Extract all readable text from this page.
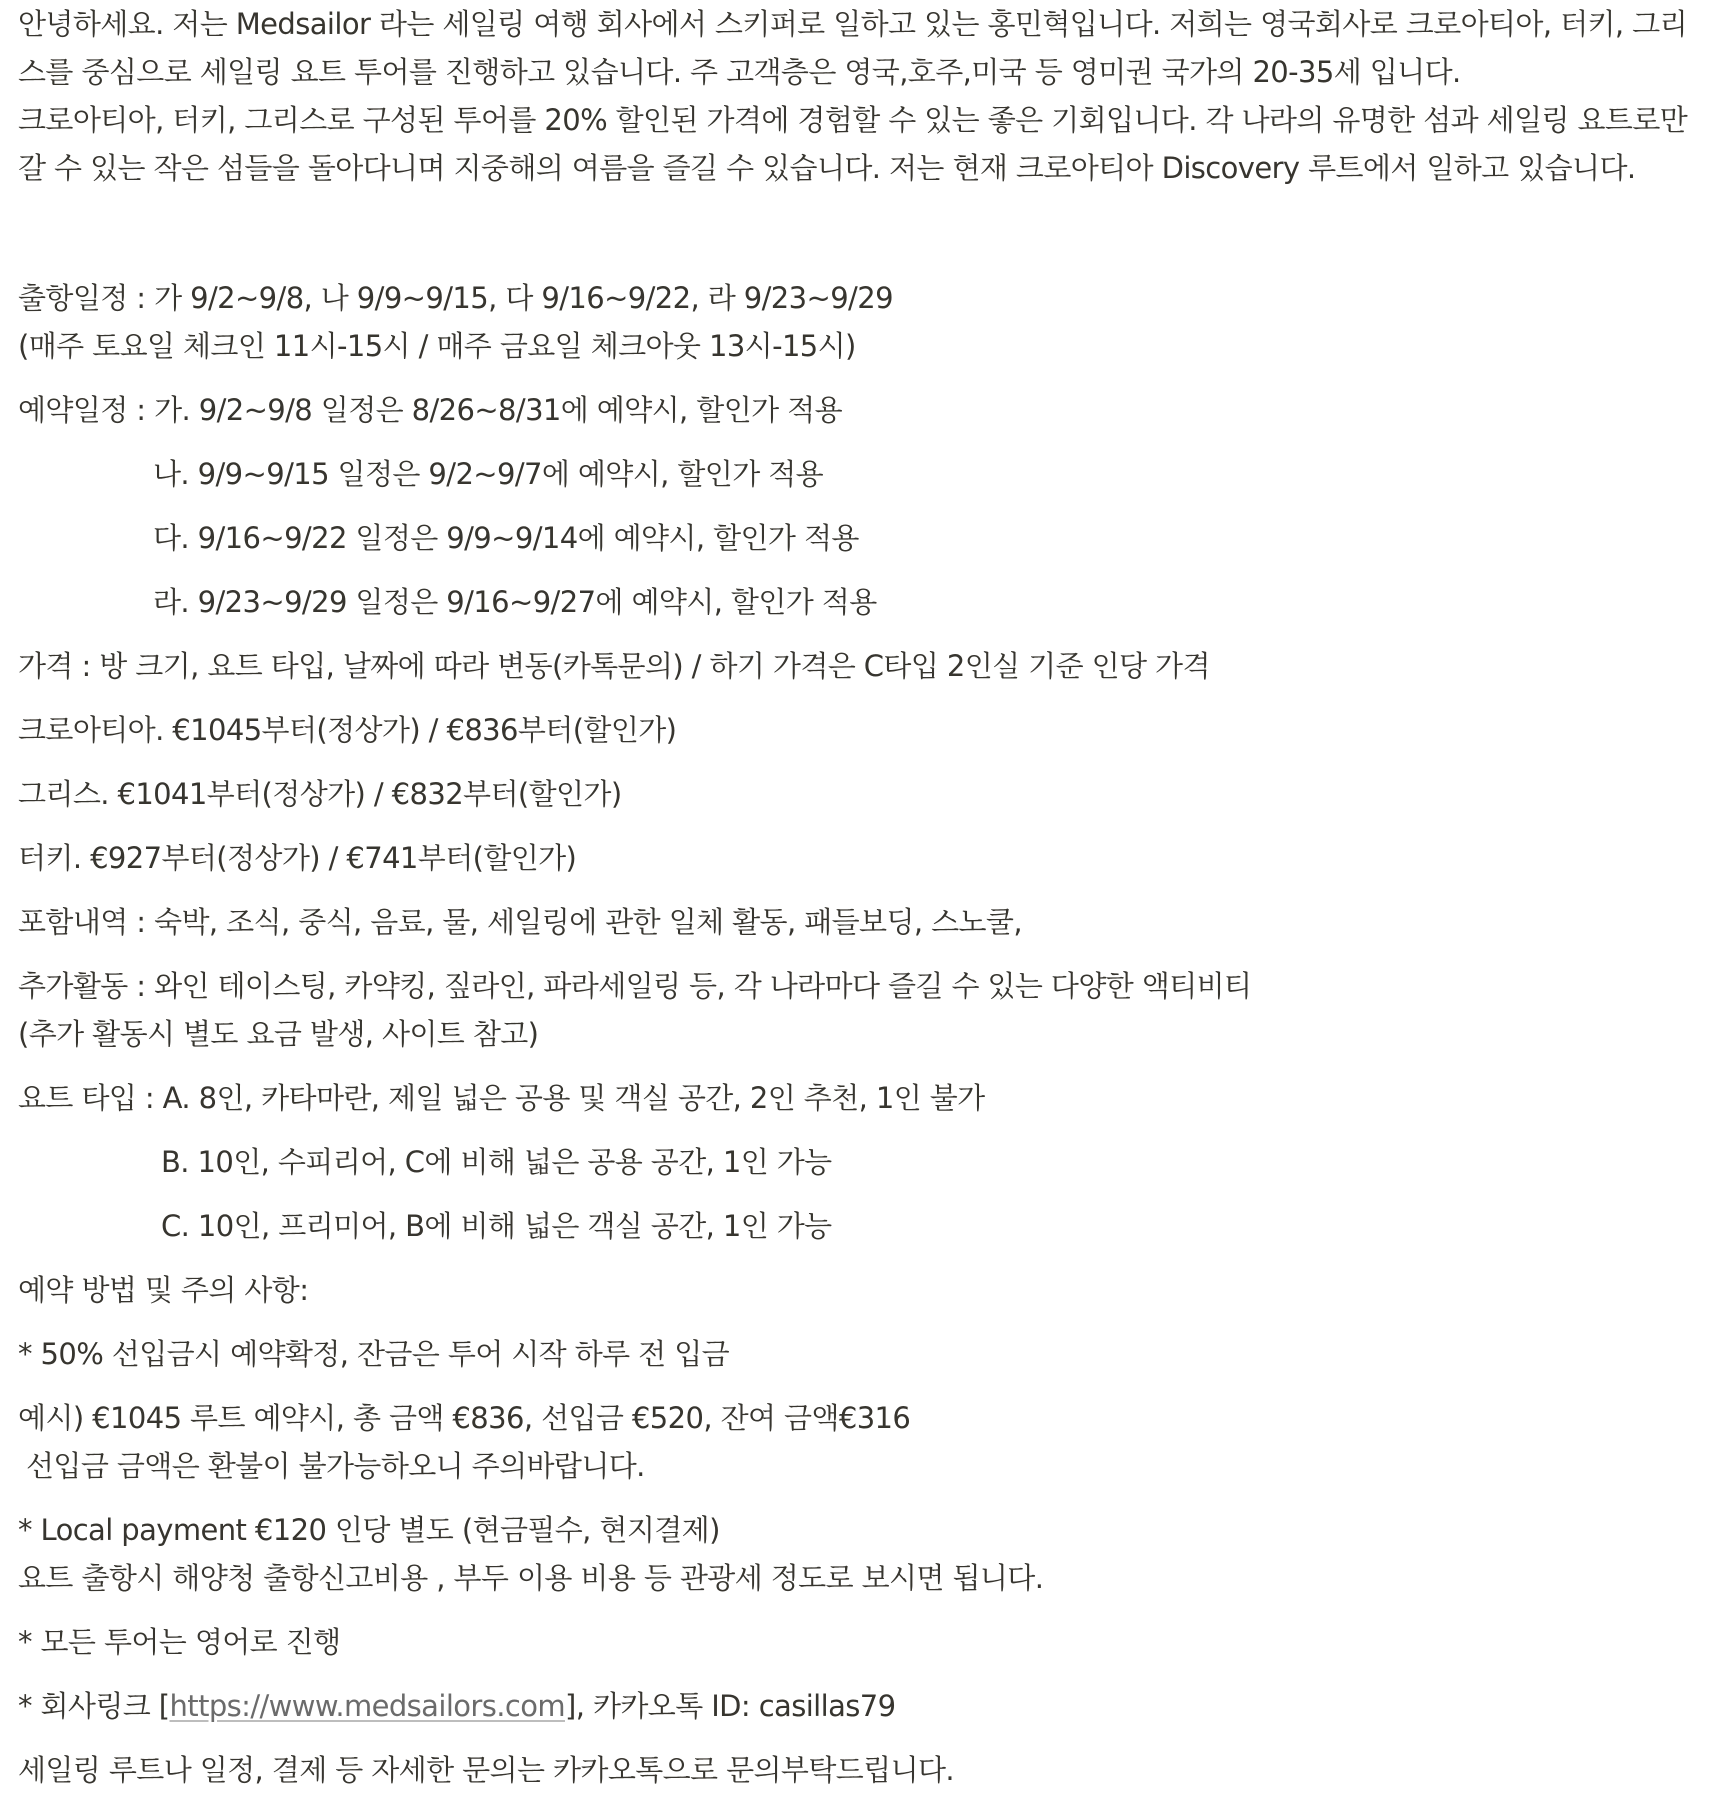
안녕하세요. 저는 Medsailor 라는 세일링 여행 회사에서 스키퍼로 일하고 있는 홍민혁입니다. 저희는 영국회사로 크로아티아, 터키, 그리
스를 중심으로 세일링 요트 투어를 진행하고 있습니다. 주 고객층은 영국,호주,미국 등 영미권 국가의 20-35세 입니다.
크로아티아, 터키, 그리스로 구성된 투어를 20% 할인된 가격에 경험할 수 있는 좋은 기회입니다. 각 나라의 유명한 섬과 세일링 요트로만
갈 수 있는 작은 섬들을 돌아다니며 지중해의 여름을 즐길 수 있습니다. 저는 현재 크로아티아 Discovery 루트에서 일하고 있습니다.
출항일정 : 가 9/2~9/8, 나 9/9~9/15, 다 9/16~9/22, 라 9/23~9/29
(매주 토요일 체크인 11시-15시 / 매주 금요일 체크아웃 13시-15시)
예약일정 : 가. 9/2~9/8 일정은 8/26~8/31에 예약시, 할인가 적용
나. 9/9~9/15 일정은 9/2~9/7에 예약시, 할인가 적용
다. 9/16~9/22 일정은 9/9~9/14에 예약시, 할인가 적용
라. 9/23~9/29 일정은 9/16~9/27에 예약시, 할인가 적용
가격 : 방 크기, 요트 타입, 날짜에 따라 변동(카톡문의) / 하기 가격은 C타입 2인실 기준 인당 가격
크로아티아. €1045부터(정상가) / €836부터(할인가)
그리스. €1041부터(정상가) / €832부터(할인가)
터키. €927부터(정상가) / €741부터(할인가)
포함내역 : 숙박, 조식, 중식, 음료, 물, 세일링에 관한 일체 활동, 패들보딩, 스노쿨,
추가활동 : 와인 테이스팅, 카약킹, 짚라인, 파라세일링 등, 각 나라마다 즐길 수 있는 다양한 액티비티
(추가 활동시 별도 요금 발생, 사이트 참고)
요트 타입 : A. 8인, 카타마란, 제일 넓은 공용 및 객실 공간, 2인 추천, 1인 불가
B. 10인, 수피리어, C에 비해 넓은 공용 공간, 1인 가능
C. 10인, 프리미어, B에 비해 넓은 객실 공간, 1인 가능
예약 방법 및 주의 사항:
* 50% 선입금시 예약확정, 잔금은 투어 시작 하루 전 입금
예시) €1045 루트 예약시, 총 금액 €836, 선입금 €520, 잔여 금액€316
선입금 금액은 환불이 불가능하오니 주의바랍니다.
* Local payment €120 인당 별도 (현금필수, 현지결제)
요트 출항시 해양청 출항신고비용 , 부두 이용 비용 등 관광세 정도로 보시면 됩니다.
* 모든 투어는 영어로 진행
* 회사링크 [https://www.medsailors.com], 카카오톡 ID: casillas79
세일링 루트나 일정, 결제 등 자세한 문의는 카카오톡으로 문의부탁드립니다.
